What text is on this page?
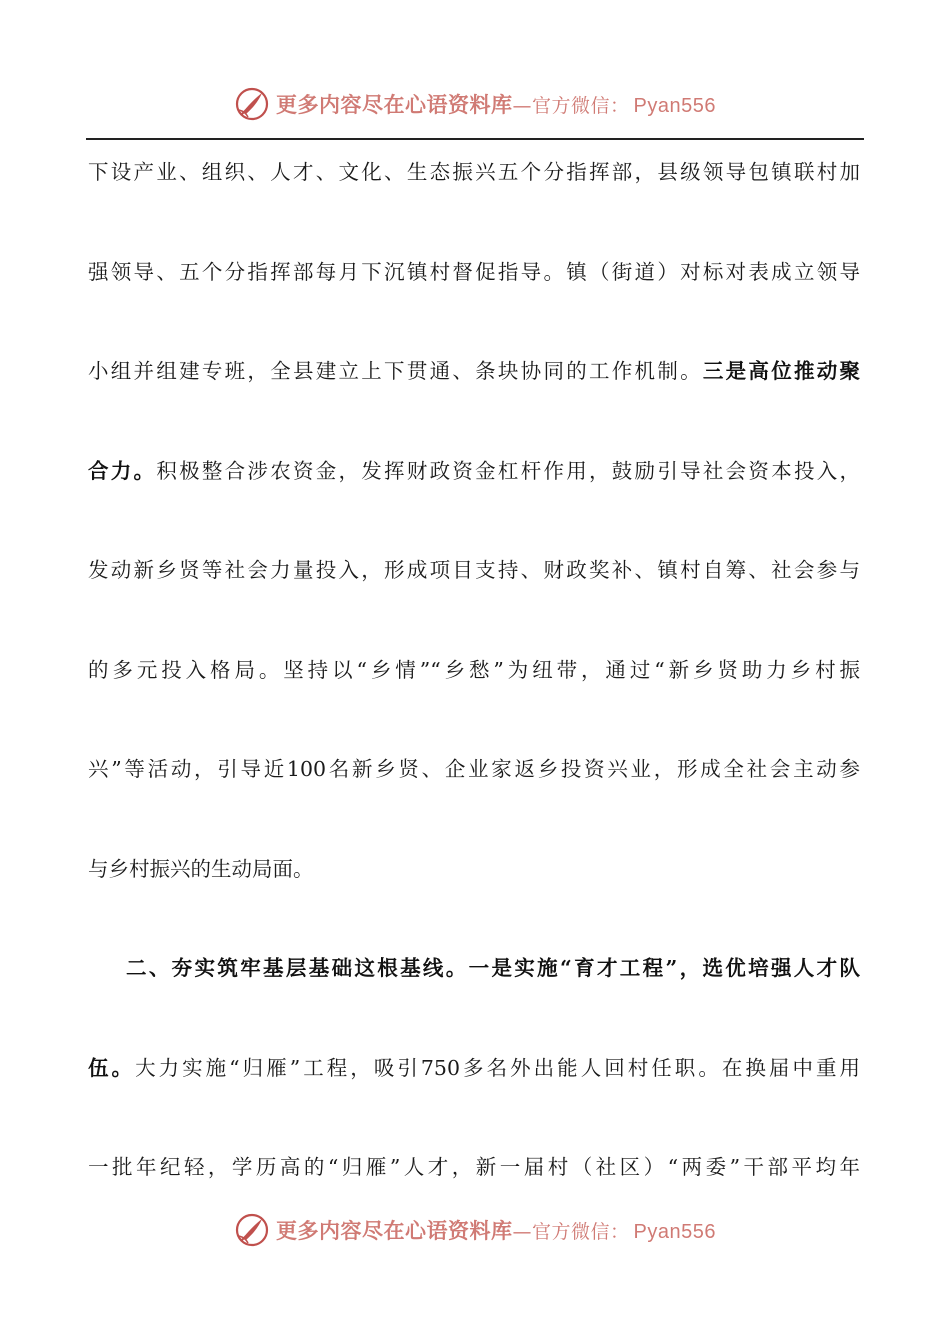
更多内容尽在心语资料库 — 官方微信： Pyan556
下设产业、组织、人才、文化、生态振兴五个分指挥部，县级领导包镇联村加
强领导、五个分指挥部每月下沉镇村督促指导。镇（街道）对标对表成立领导
小组并组建专班，全县建立上下贯通、条块协同的工作机制。三是高位推动聚
合力。积极整合涉农资金，发挥财政资金杠杆作用，鼓励引导社会资本投入，
发动新乡贤等社会力量投入，形成项目支持、财政奖补、镇村自筹、社会参与
的多元投入格局。坚持以“乡情”“乡愁”为纽带，通过“新乡贤助力乡村振
兴”等活动，引导近100名新乡贤、企业家返乡投资兴业，形成全社会主动参
与乡村振兴的生动局面。
二、夯实筑牢基层基础这根基线。一是实施“育才工程”，选优培强人才队
伍。大力实施“归雁”工程，吸引750多名外出能人回村任职。在换届中重用
一批年纪轻，学历高的“归雁”人才，新一届村（社区）“两委”干部平均年
更多内容尽在心语资料库 — 官方微信： Pyan556
